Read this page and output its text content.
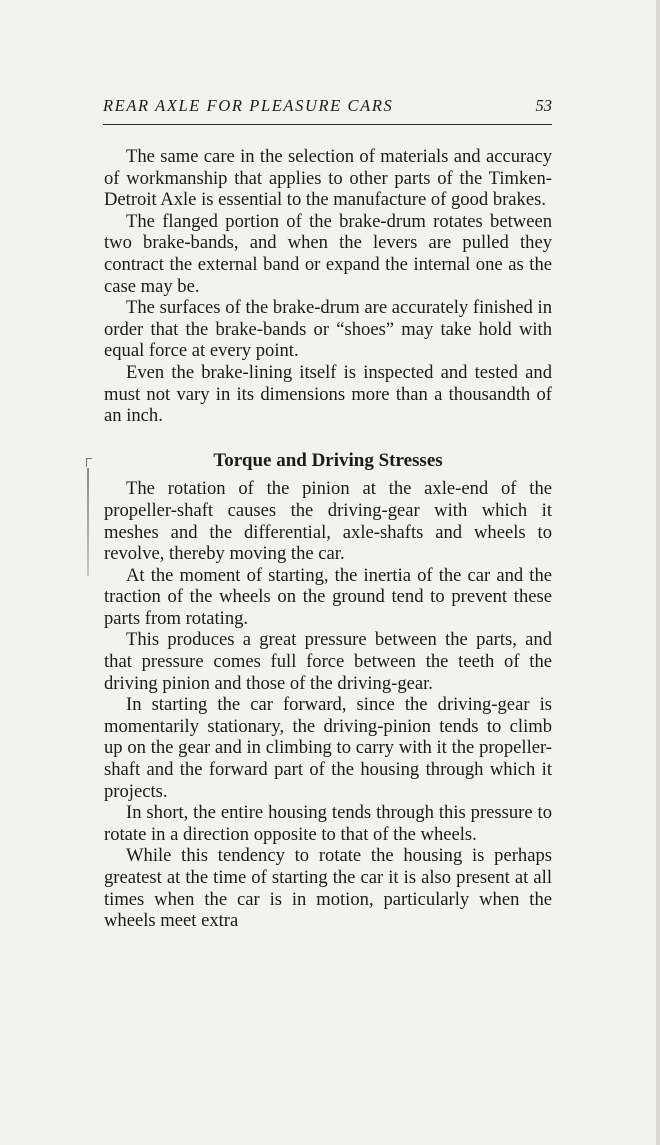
REAR AXLE FOR PLEASURE CARS	53

The same care in the selection of materials and accuracy of workmanship that applies to other parts of the Timken-Detroit Axle is essential to the manufacture of good brakes.

The flanged portion of the brake-drum rotates between two brake-bands, and when the levers are pulled they contract the external band or expand the internal one as the case may be.

The surfaces of the brake-drum are accurately finished in order that the brake-bands or “shoes” may take hold with equal force at every point.

Even the brake-lining itself is inspected and tested and must not vary in its dimensions more than a thousandth of an inch.

Torque and Driving Stresses

The rotation of the pinion at the axle-end of the propeller-shaft causes the driving-gear with which it meshes and the differential, axle-shafts and wheels to revolve, thereby moving the car.

At the moment of starting, the inertia of the car and the traction of the wheels on the ground tend to prevent these parts from rotating.

This produces a great pressure between the parts, and that pressure comes full force between the teeth of the driving pinion and those of the driving-gear.

In starting the car forward, since the driving-gear is momentarily stationary, the driving-pinion tends to climb up on the gear and in climbing to carry with it the propeller-shaft and the forward part of the housing through which it projects.

In short, the entire housing tends through this pressure to rotate in a direction opposite to that of the wheels.

While this tendency to rotate the housing is perhaps greatest at the time of starting the car it is also present at all times when the car is in motion, particularly when the wheels meet extra
